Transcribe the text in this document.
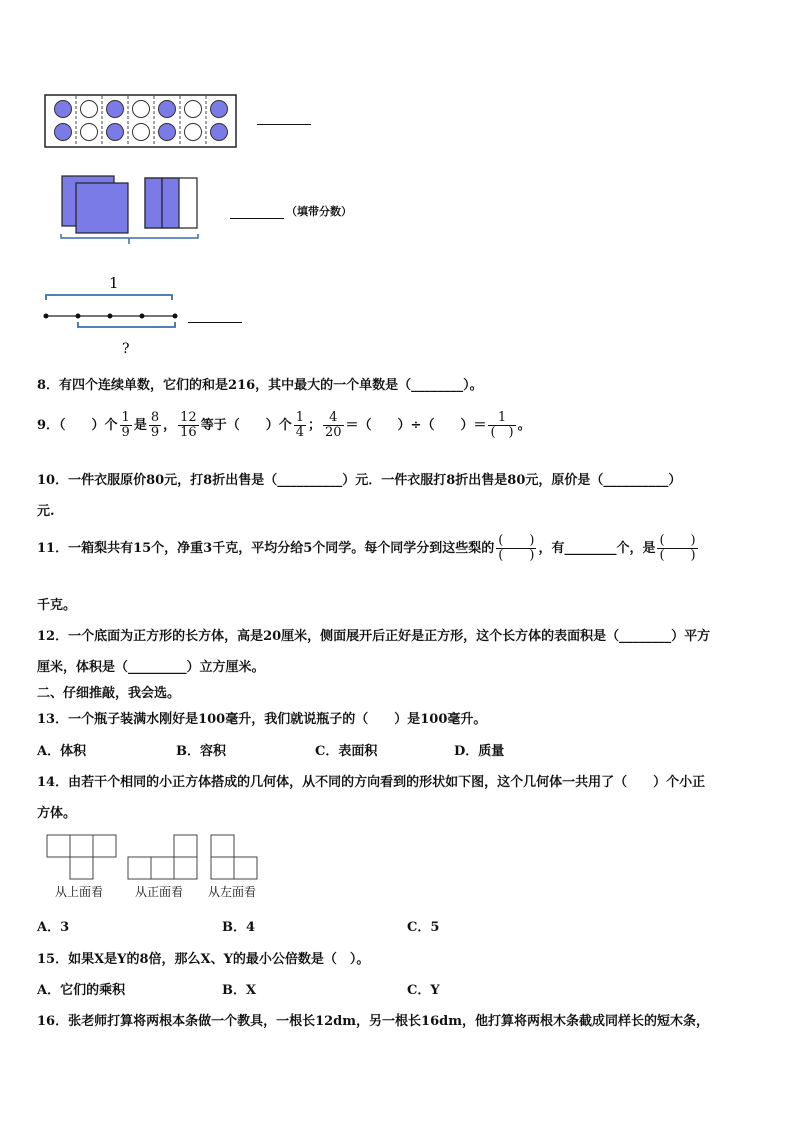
（填带分数）
1
?
8．有四个连续单数，它们的和是216，其中最大的一个单数是（________）。
9．（　　）个 $\frac{1}{9}$ 是 $\frac{8}{9}$ ， $\frac{12}{16}$ 等于（　　）个 $\frac{1}{4}$ ； $\frac{4}{20}$ ＝（　　）÷（　　）＝ $\frac{1}{( )}$ 。
10．一件衣服原价80元，打8折出售是（__________）元．一件衣服打8折出售是80元，原价是（__________）
元.
11．一箱梨共有15个，净重3千克，平均分给5个同学。每个同学分到这些梨的 $\frac{( )}{( )}$ ，有________个，是 $\frac{( )}{( )}$
千克。
12．一个底面为正方形的长方体，高是20厘米，侧面展开后正好是正方形，这个长方体的表面积是（________）平方
厘米，体积是（_________）立方厘米。
二、仔细推敲，我会选。
13．一个瓶子装满水刚好是100毫升，我们就说瓶子的（　　）是100毫升。
A．体积	B．容积	C．表面积	D．质量
14．由若干个相同的小正方体搭成的几何体，从不同的方向看到的形状如下图，这个几何体一共用了（　　）个小正
方体。
从上面看	从正面看 从左面看
A．3	B．4	C．5
15．如果X是Y的8倍，那么X、Y的最小公倍数是（　）。
A．它们的乘积	B．X	C．Y
16．张老师打算将两根本条做一个教具，一根长12dm，另一根长16dm，他打算将两根木条截成同样长的短木条，
